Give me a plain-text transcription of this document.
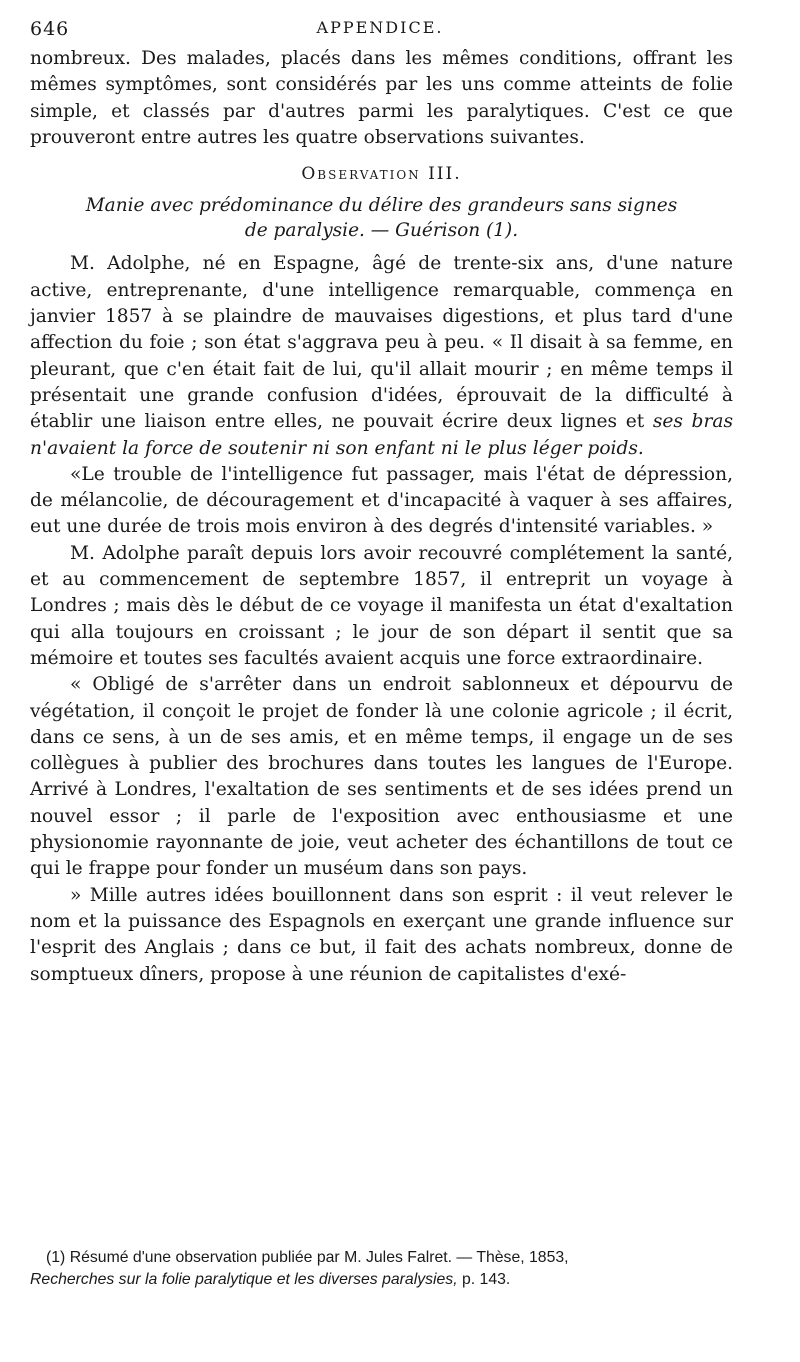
646	APPENDICE.

nombreux. Des malades, placés dans les mêmes conditions, offrant les mêmes symptômes, sont considérés par les uns comme atteints de folie simple, et classés par d'autres parmi les paralytiques. C'est ce que prouveront entre autres les quatre observations suivantes.

Observation III.
Manie avec prédominance du délire des grandeurs sans signes de paralysie. — Guérison (1).

M. Adolphe, né en Espagne, âgé de trente-six ans, d'une nature active, entreprenante, d'une intelligence remarquable, commença en janvier 1857 à se plaindre de mauvaises digestions, et plus tard d'une affection du foie ; son état s'aggrava peu à peu. « Il disait à sa femme, en pleurant, que c'en était fait de lui, qu'il allait mourir ; en même temps il présentait une grande confusion d'idées, éprouvait de la difficulté à établir une liaison entre elles, ne pouvait écrire deux lignes et ses bras n'avaient la force de soutenir ni son enfant ni le plus léger poids.

«Le trouble de l'intelligence fut passager, mais l'état de dépression, de mélancolie, de découragement et d'incapacité à vaquer à ses affaires, eut une durée de trois mois environ à des degrés d'intensité variables. »

M. Adolphe paraît depuis lors avoir recouvré complétement la santé, et au commencement de septembre 1857, il entreprit un voyage à Londres ; mais dès le début de ce voyage il manifesta un état d'exaltation qui alla toujours en croissant ; le jour de son départ il sentit que sa mémoire et toutes ses facultés avaient acquis une force extraordinaire.

« Obligé de s'arrêter dans un endroit sablonneux et dépourvu de végétation, il conçoit le projet de fonder là une colonie agricole ; il écrit, dans ce sens, à un de ses amis, et en même temps, il engage un de ses collègues à publier des brochures dans toutes les langues de l'Europe. Arrivé à Londres, l'exaltation de ses sentiments et de ses idées prend un nouvel essor ; il parle de l'exposition avec enthousiasme et une physionomie rayonnante de joie, veut acheter des échantillons de tout ce qui le frappe pour fonder un muséum dans son pays.

» Mille autres idées bouillonnent dans son esprit : il veut relever le nom et la puissance des Espagnols en exerçant une grande influence sur l'esprit des Anglais ; dans ce but, il fait des achats nombreux, donne de somptueux dîners, propose à une réunion de capitalistes d'exé-

(1) Résumé d'une observation publiée par M. Jules Falret. — Thèse, 1853,

Recherches sur la folie paralytique et les diverses paralysies, p. 143.
